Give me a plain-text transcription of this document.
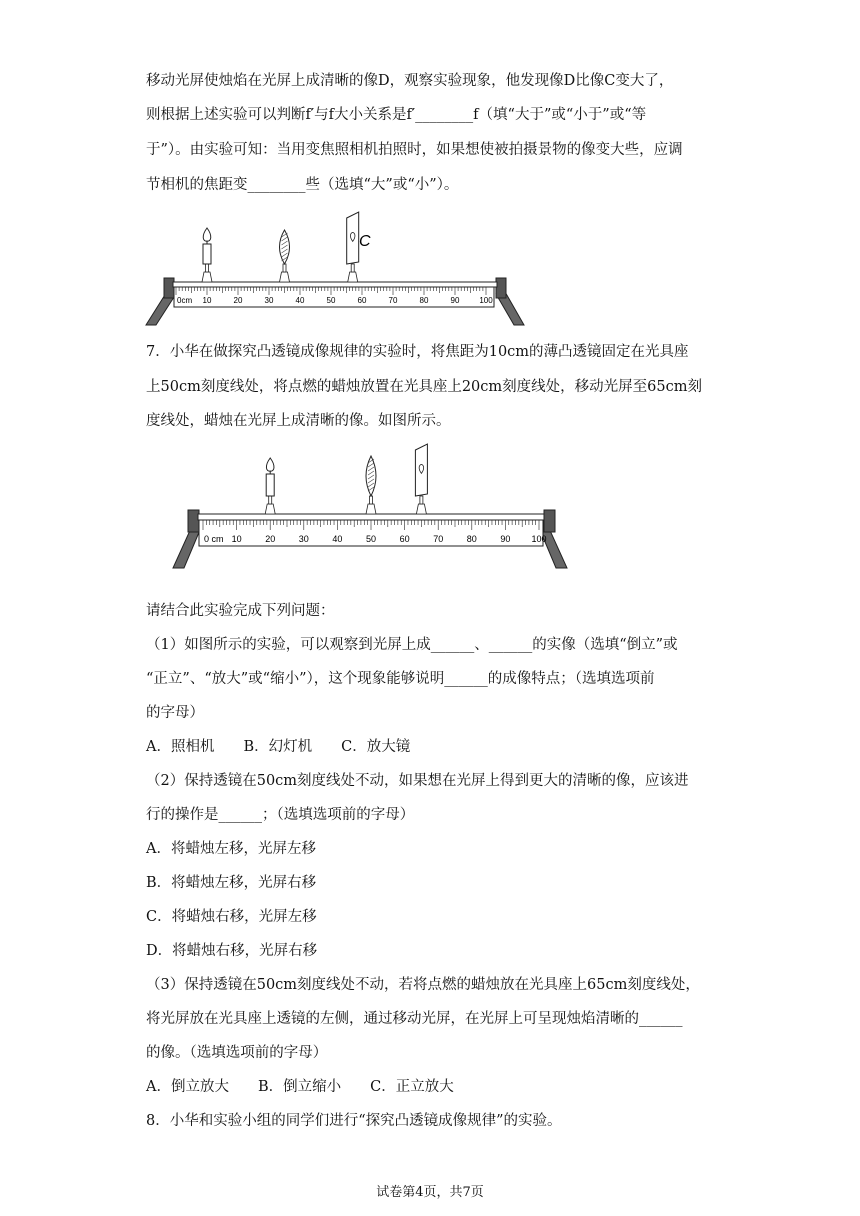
移动光屏使烛焰在光屏上成清晰的像D，观察实验现象，他发现像D比像C变大了，
则根据上述实验可以判断f′与f大小关系是f′________f（填“大于”或“小于”或“等
于”）。由实验可知：当用变焦照相机拍照时，如果想使被拍摄景物的像变大些，应调
节相机的焦距变________些（选填“大”或“小”）。
0cm 10	20	30	40	50	60	70	80	90 100
C
7．小华在做探究凸透镜成像规律的实验时，将焦距为10cm的薄凸透镜固定在光具座
上50cm刻度线处，将点燃的蜡烛放置在光具座上20cm刻度线处，移动光屏至65cm刻
度线处，蜡烛在光屏上成清晰的像。如图所示。
0 cm 10	20	30	40	50	60	70	80	90 100
请结合此实验完成下列问题：
（1）如图所示的实验，可以观察到光屏上成______、______的实像（选填“倒立”或
“正立”、“放大”或“缩小”），这个现象能够说明______的成像特点；（选填选项前
的字母）
A．照相机　　B．幻灯机　　C．放大镜
（2）保持透镜在50cm刻度线处不动，如果想在光屏上得到更大的清晰的像，应该进
行的操作是______；（选填选项前的字母）
A．将蜡烛左移，光屏左移
B．将蜡烛左移，光屏右移
C．将蜡烛右移，光屏左移
D．将蜡烛右移，光屏右移
（3）保持透镜在50cm刻度线处不动，若将点燃的蜡烛放在光具座上65cm刻度线处，
将光屏放在光具座上透镜的左侧，通过移动光屏，在光屏上可呈现烛焰清晰的______
的像。（选填选项前的字母）
A．倒立放大　　B．倒立缩小　　C．正立放大
8．小华和实验小组的同学们进行“探究凸透镜成像规律”的实验。
试卷第4页，共7页
